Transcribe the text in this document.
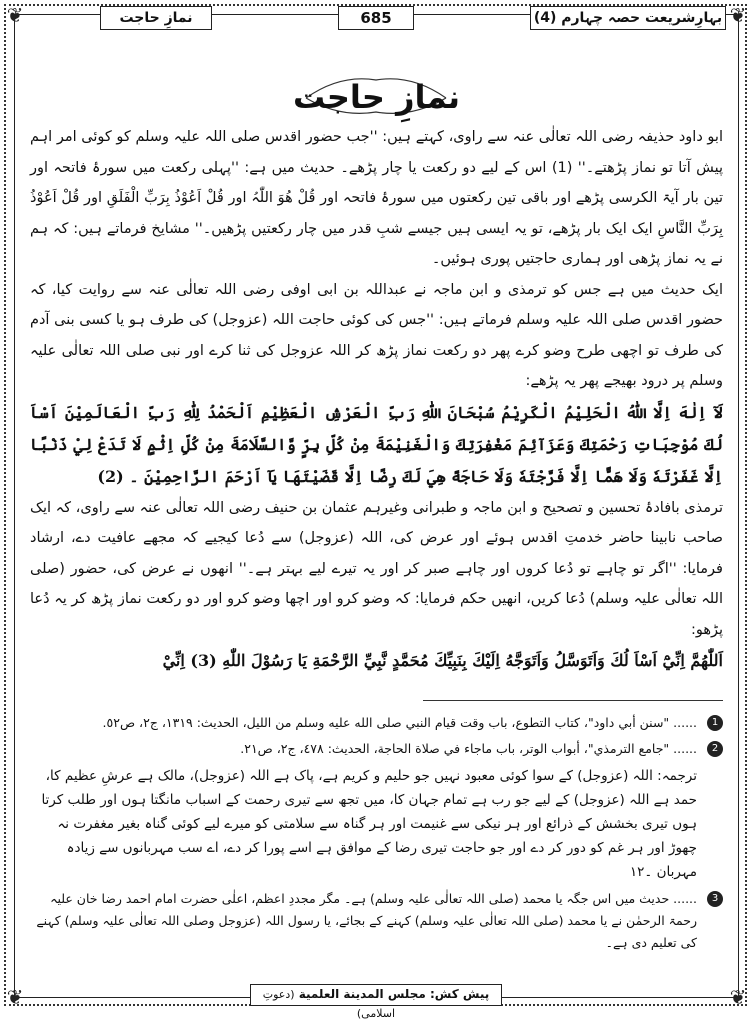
❦	❦
❦	❦
نمازِ حاجت	685	بہارِشریعت حصہ چہارم (4)
نمازِ حاجت

ابو داود حذیفہ رضی اللہ تعالٰی عنہ سے راوی، کہتے ہیں: ''جب حضور اقدس صلی اللہ علیہ وسلم کو کوئی امر اہم پیش آتا تو نماز پڑھتے۔'' (1) اس کے لیے دو رکعت یا چار پڑھے۔ حدیث میں ہے: ''پہلی رکعت میں سورۂ فاتحہ اور تین بار آیۃ الکرسی پڑھے اور باقی تین رکعتوں میں سورۂ فاتحہ اور قُلْ ھُوَ اللّٰہُ اور قُلْ اَعُوْذُ بِرَبِّ الْفَلَقِ اور قُلْ اَعُوْذُ بِرَبِّ النَّاسِ ایک ایک بار پڑھے، تو یہ ایسی ہیں جیسے شبِ قدر میں چار رکعتیں پڑھیں۔'' مشایخ فرماتے ہیں: کہ ہم نے یہ نماز پڑھی اور ہماری حاجتیں پوری ہوئیں۔

ایک حدیث میں ہے جس کو ترمذی و ابن ماجہ نے عبداللہ بن ابی اوفی رضی اللہ تعالٰی عنہ سے روایت کیا، کہ حضور اقدس صلی اللہ علیہ وسلم فرماتے ہیں: ''جس کی کوئی حاجت اللہ (عزوجل) کی طرف ہو یا کسی بنی آدم کی طرف تو اچھی طرح وضو کرے پھر دو رکعت نماز پڑھ کر اللہ عزوجل کی ثنا کرے اور نبی صلی اللہ تعالٰی علیہ وسلم پر درود بھیجے پھر یہ پڑھے:

لَآ اِلٰهَ اِلَّا اللّٰهُ الْحَلِيْمُ الْكَرِيْمُ سُبْحَانَ اللّٰهِ رَبِّ الْعَرْشِ الْعَظِيْمِ اَلْحَمْدُ لِلّٰهِ رَبِّ الْعَالَمِيْنَ اَسْاَ لُكَ مُوْجِبَاتِ رَحْمَتِكَ وَعَزَآئِمَ مَغْفِرَتِكَ وَالْغَنِيْمَةَ مِنْ كُلِّ بِرٍّ وَّالسَّلَامَةَ مِنْ كُلِّ اِثْمٍ لَا تَدَعْ لِيْ ذَنْبًا اِلَّا غَفَرْتَهٗ وَلَا هَمًّا اِلَّا فَرَّجْتَهٗ وَلَا حَاجَةً هِيَ لَكَ رِضًا اِلَّا قَضَيْتَهَا يَآ اَرْحَمَ الرَّاحِمِيْنَ ۔ (2)

ترمذی بافادۂ تحسین و تصحیح و ابن ماجہ و طبرانی وغیرہم عثمان بن حنیف رضی اللہ تعالٰی عنہ سے راوی، کہ ایک صاحب نابینا حاضر خدمتِ اقدس ہوئے اور عرض کی، اللہ (عزوجل) سے دُعا کیجیے کہ مجھے عافیت دے، ارشاد فرمایا: ''اگر تو چاہے تو دُعا کروں اور چاہے صبر کر اور یہ تیرے لیے بہتر ہے۔'' انھوں نے عرض کی، حضور (صلی اللہ تعالٰی علیہ وسلم) دُعا کریں، انھیں حکم فرمایا: کہ وضو کرو اور اچھا وضو کرو اور دو رکعت نماز پڑھ کر یہ دُعا پڑھو:

اَللّٰهُمَّ اِنِّيْٓ اَسْاَ لُكَ وَاَتَوَسَّلُ وَاَتَوَجَّهُ اِلَيْكَ بِنَبِيِّكَ مُحَمَّدٍ نَّبِيِّ الرَّحْمَةِ يَا رَسُوْلَ اللّٰهِ (3) اِنِّيْ

1
...... "سنن أبي داود"، كتاب التطوع، باب وقت قيام النبي صلى الله عليه وسلم من الليل، الحديث: ١٣١٩، ج٢، ص٥٢.
2
...... "جامع الترمذي"، أبواب الوتر، باب ماجاء في صلاة الحاجة، الحديث: ٤٧٨، ج٢، ص٢١.
ترجمہ: اللہ (عزوجل) کے سوا کوئی معبود نہیں جو حلیم و کریم ہے، پاک ہے اللہ (عزوجل)، مالک ہے عرشِ عظیم کا، حمد ہے اللہ (عزوجل) کے لیے جو رب ہے تمام جہان کا، میں تجھ سے تیری رحمت کے اسباب مانگتا ہوں اور طلب کرتا ہوں تیری بخشش کے ذرائع اور ہر نیکی سے غنیمت اور ہر گناہ سے سلامتی کو میرے لیے کوئی گناہ بغیر مغفرت نہ چھوڑ اور ہر غم کو دور کر دے اور جو حاجت تیری رضا کے موافق ہے اسے پورا کر دے، اے سب مہربانوں سے زیادہ مہربان ۔۱۲
3
...... حدیث میں اس جگہ یا محمد (صلی اللہ تعالٰی علیہ وسلم) ہے۔ مگر مجددِ اعظم، اعلٰی حضرت امام احمد رضا خان علیہ رحمۃ الرحمٰن نے یا محمد (صلی اللہ تعالٰی علیہ وسلم) کہنے کے بجائے، یا رسول اللہ (عزوجل وصلی اللہ تعالٰی علیہ وسلم) کہنے کی تعلیم دی ہے۔
پیش کش: مجلس المدينة العلمية (دعوتِ اسلامی)
